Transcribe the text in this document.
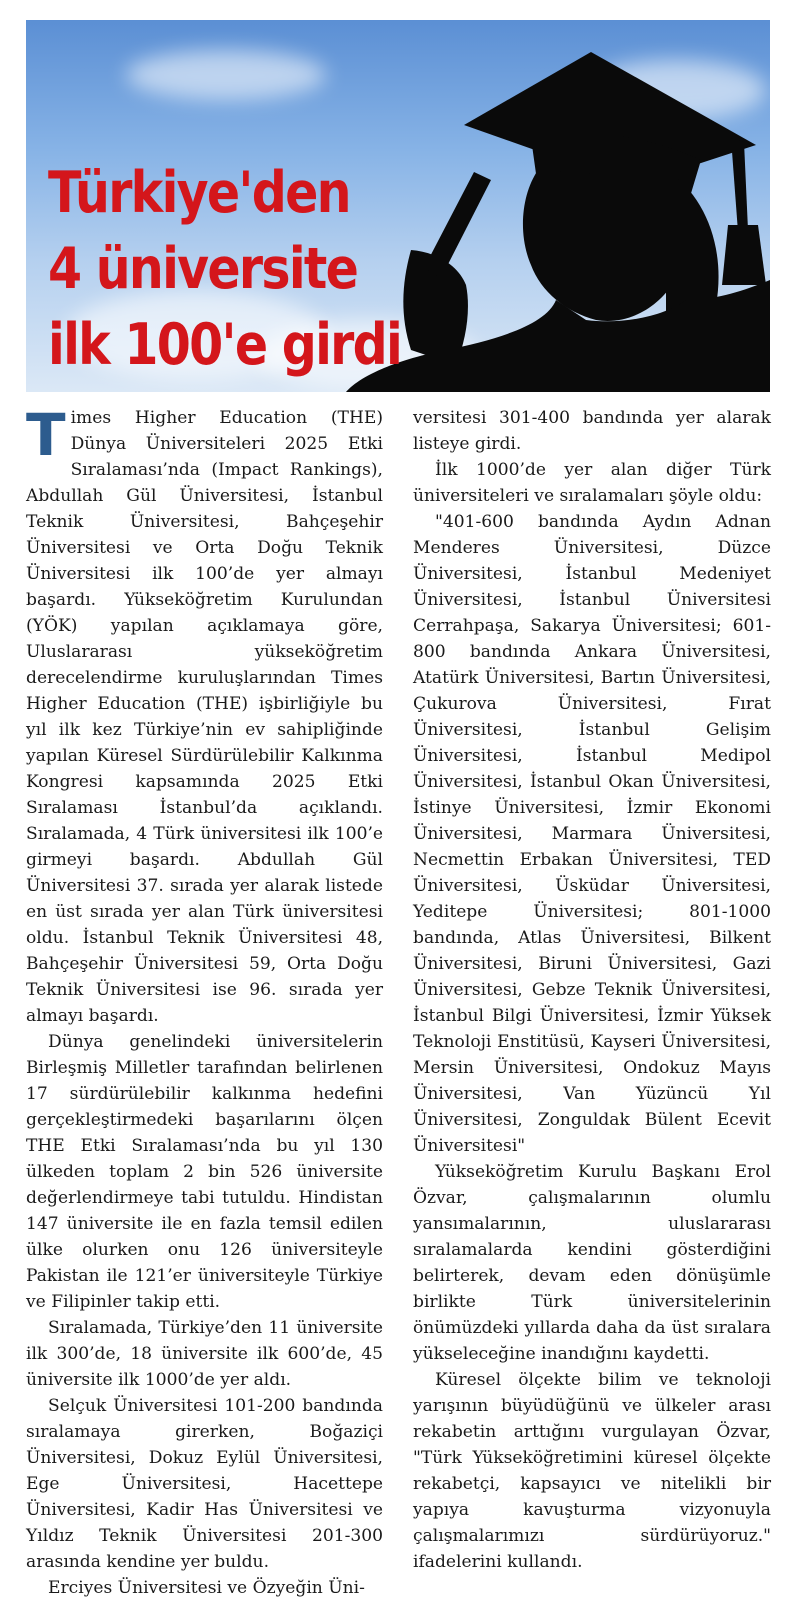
Türkiye'den
4 üniversite
ilk 100'e girdi

Times Higher Education (THE) Dünya Üniversiteleri 2025 Etki Sıralaması’nda (Impact Rankings), Abdullah Gül Üniversitesi, İstanbul Teknik Üniversitesi, Bahçeşehir Üniversitesi ve Orta Doğu Teknik Üniversitesi ilk 100’de yer almayı başardı. Yükseköğretim Kurulundan (YÖK) yapılan açıklamaya göre, Uluslararası yükseköğretim derecelendirme kuruluşlarından Times Higher Education (THE) işbirliğiyle bu yıl ilk kez Türkiye’nin ev sahipliğinde yapılan Küresel Sürdürülebilir Kalkınma Kongresi kapsamında 2025 Etki Sıralaması İstanbul’da açıklandı. Sıralamada, 4 Türk üniversitesi ilk 100’e girmeyi başardı. Abdullah Gül Üniversitesi 37. sırada yer alarak listede en üst sırada yer alan Türk üniversitesi oldu. İstanbul Teknik Üniversitesi 48, Bahçeşehir Üniversitesi 59, Orta Doğu Teknik Üniversitesi ise 96. sırada yer almayı başardı.

Dünya genelindeki üniversitelerin Birleşmiş Milletler tarafından belirlenen 17 sürdürülebilir kalkınma hedefini gerçekleştirmedeki başarılarını ölçen THE Etki Sıralaması’nda bu yıl 130 ülkeden toplam 2 bin 526 üniversite değerlendirmeye tabi tutuldu. Hindistan 147 üniversite ile en fazla temsil edilen ülke olurken onu 126 üniversiteyle Pakistan ile 121’er üniversiteyle Türkiye ve Filipinler takip etti.

Sıralamada, Türkiye’den 11 üniversite ilk 300’de, 18 üniversite ilk 600’de, 45 üniversite ilk 1000’de yer aldı.

Selçuk Üniversitesi 101-200 bandında sıralamaya girerken, Boğaziçi Üniversitesi, Dokuz Eylül Üniversitesi, Ege Üniversitesi, Hacettepe Üniversitesi, Kadir Has Üniversitesi ve Yıldız Teknik Üniversitesi 201-300 arasında kendine yer buldu.

Erciyes Üniversitesi ve Özyeğin Üni-

versitesi 301-400 bandında yer alarak listeye girdi.

İlk 1000’de yer alan diğer Türk üniversiteleri ve sıralamaları şöyle oldu:

"401-600 bandında Aydın Adnan Menderes Üniversitesi, Düzce Üniversitesi, İstanbul Medeniyet Üniversitesi, İstanbul Üniversitesi Cerrahpaşa, Sakarya Üniversitesi; 601-800 bandında Ankara Üniversitesi, Atatürk Üniversitesi, Bartın Üniversitesi, Çukurova Üniversitesi, Fırat Üniversitesi, İstanbul Gelişim Üniversitesi, İstanbul Medipol Üniversitesi, İstanbul Okan Üniversitesi, İstinye Üniversitesi, İzmir Ekonomi Üniversitesi, Marmara Üniversitesi, Necmettin Erbakan Üniversitesi, TED Üniversitesi, Üsküdar Üniversitesi, Yeditepe Üniversitesi; 801-1000 bandında, Atlas Üniversitesi, Bilkent Üniversitesi, Biruni Üniversitesi, Gazi Üniversitesi, Gebze Teknik Üniversitesi, İstanbul Bilgi Üniversitesi, İzmir Yüksek Teknoloji Enstitüsü, Kayseri Üniversitesi, Mersin Üniversitesi, Ondokuz Mayıs Üniversitesi, Van Yüzüncü Yıl Üniversitesi, Zonguldak Bülent Ecevit Üniversitesi"

Yükseköğretim Kurulu Başkanı Erol Özvar, çalışmalarının olumlu yansımalarının, uluslararası sıralamalarda kendini gösterdiğini belirterek, devam eden dönüşümle birlikte Türk üniversitelerinin önümüzdeki yıllarda daha da üst sıralara yükseleceğine inandığını kaydetti.

Küresel ölçekte bilim ve teknoloji yarışının büyüdüğünü ve ülkeler arası rekabetin arttığını vurgulayan Özvar, "Türk Yükseköğretimini küresel ölçekte rekabetçi, kapsayıcı ve nitelikli bir yapıya kavuşturma vizyonuyla çalışmalarımızı sürdürüyoruz." ifadelerini kullandı.
